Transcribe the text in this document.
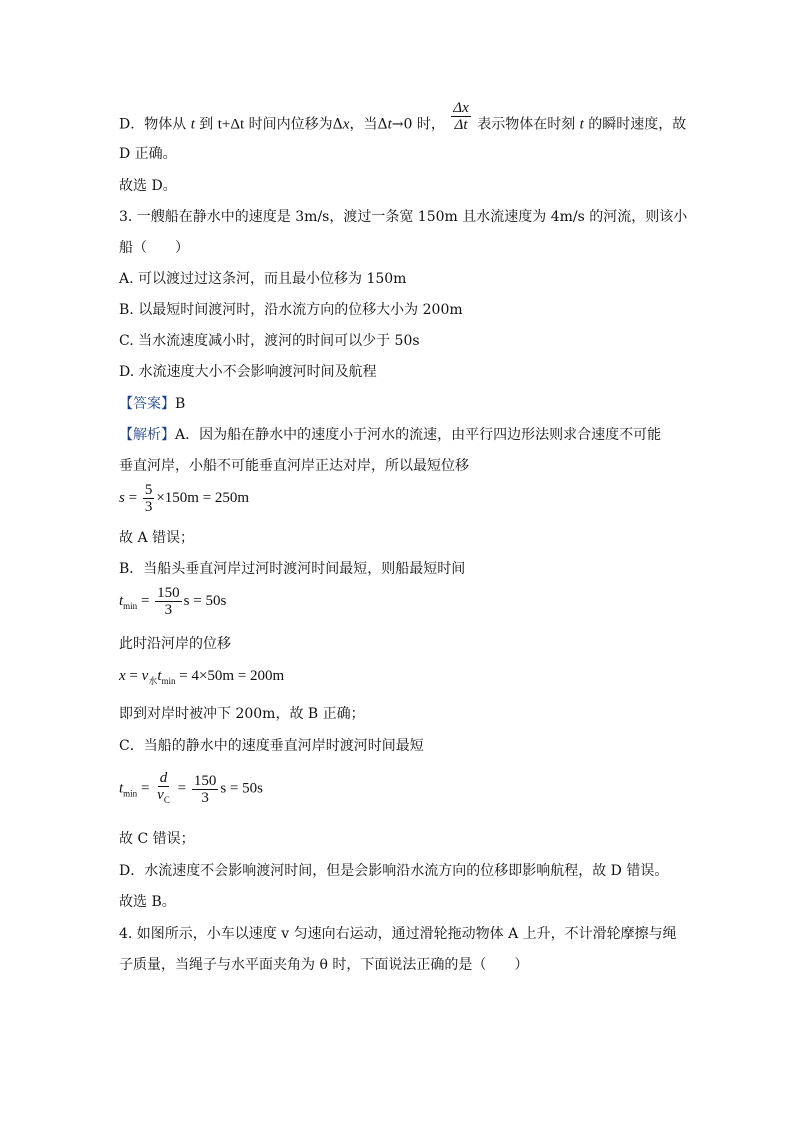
D．物体从 t 到 t+Δt 时间内位移为Δx，当Δt→0 时， $\frac{\Delta x}{\Delta t}$ 表示物体在时刻 t 的瞬时速度，故
D 正确。
故选 D。
3. 一艘船在静水中的速度是 3m/s，渡过一条宽 150m 且水流速度为 4m/s 的河流，则该小
船（　　）
A. 可以渡过过这条河，而且最小位移为 150m
B. 以最短时间渡河时，沿水流方向的位移大小为 200m
C. 当水流速度减小时，渡河的时间可以少于 50s
D. 水流速度大小不会影响渡河时间及航程
【答案】B
【解析】A．因为船在静水中的速度小于河水的流速，由平行四边形法则求合速度不可能
垂直河岸，小船不可能垂直河岸正达对岸，所以最短位移
$s = \frac{5}{3} \times 150m = 250m$
故 A 错误；
B．当船头垂直河岸过河时渡河时间最短，则船最短时间
$t_{min} = \frac{150}{3}$ s = 50s
此时沿河岸的位移
$x = v_水t_{min} = 4\times 50m = 200m$
即到对岸时被冲下 200m，故 B 正确；
C．当船的静水中的速度垂直河岸时渡河时间最短
$t_{min} = \frac{d}{v_C} = \frac{150}{3}$ s = 50s
故 C 错误；
D．水流速度不会影响渡河时间，但是会影响沿水流方向的位移即影响航程，故 D 错误。
故选 B。
4. 如图所示，小车以速度 v 匀速向右运动，通过滑轮拖动物体 A 上升，不计滑轮摩擦与绳
子质量，当绳子与水平面夹角为 θ 时，下面说法正确的是（　　）
